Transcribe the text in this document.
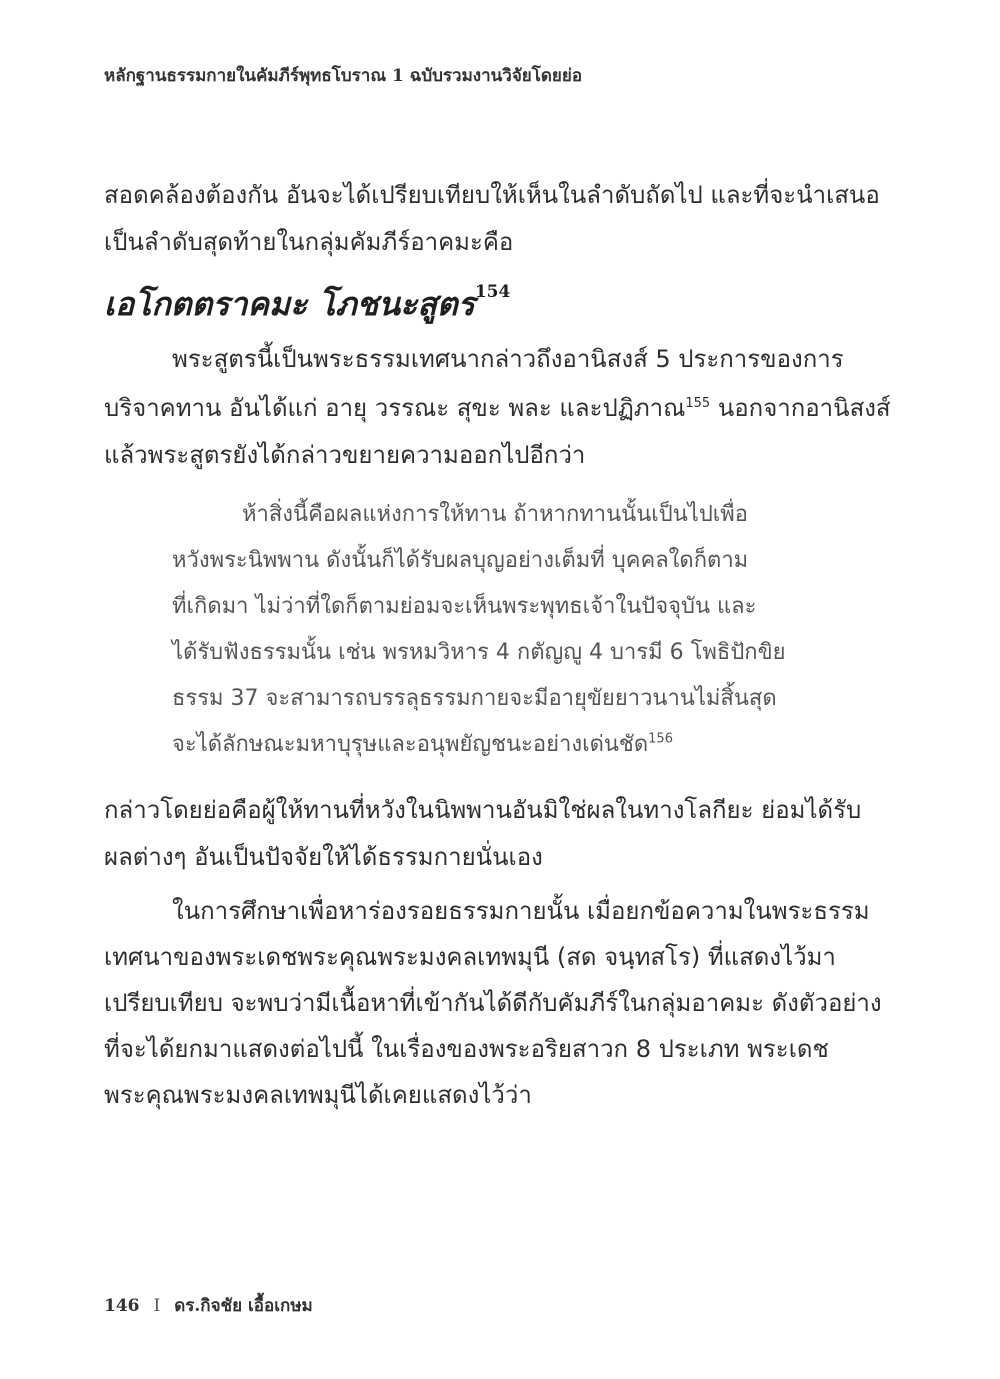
หลักฐานธรรมกายในคัมภีร์พุทธโบราณ 1 ฉบับรวมงานวิจัยโดยย่อ
สอดคล้องต้องกัน อันจะได้เปรียบเทียบให้เห็นในลำดับถัดไป และที่จะนำเสนอ
เป็นลำดับสุดท้ายในกลุ่มคัมภีร์อาคมะคือ
เอโกตตราคมะ โภชนะสูตร$^{154}$
พระสูตรนี้เป็นพระธรรมเทศนากล่าวถึงอานิสงส์ 5 ประการของการ
บริจาคทาน อันได้แก่ อายุ วรรณะ สุขะ พละ และปฏิภาณ$^{155}$ นอกจากอานิสงส์
แล้วพระสูตรยังได้กล่าวขยายความออกไปอีกว่า
ห้าสิ่งนี้คือผลแห่งการให้ทาน ถ้าหากทานนั้นเป็นไปเพื่อ
หวังพระนิพพาน ดังนั้นก็ได้รับผลบุญอย่างเต็มที่ บุคคลใดก็ตาม
ที่เกิดมา ไม่ว่าที่ใดก็ตามย่อมจะเห็นพระพุทธเจ้าในปัจจุบัน และ
ได้รับฟังธรรมนั้น เช่น พรหมวิหาร 4 กตัญญู 4 บารมี 6 โพธิปักขิย
ธรรม 37 จะสามารถบรรลุธรรมกายจะมีอายุขัยยาวนานไม่สิ้นสุด
จะได้ลักษณะมหาบุรุษและอนุพยัญชนะอย่างเด่นชัด$^{156}$
กล่าวโดยย่อคือผู้ให้ทานที่หวังในนิพพานอันมิใช่ผลในทางโลกียะ ย่อมได้รับ
ผลต่างๆ อันเป็นปัจจัยให้ได้ธรรมกายนั่นเอง
ในการศึกษาเพื่อหาร่องรอยธรรมกายนั้น เมื่อยกข้อความในพระธรรม
เทศนาของพระเดชพระคุณพระมงคลเทพมุนี (สด จนฺทสโร) ที่แสดงไว้มา
เปรียบเทียบ จะพบว่ามีเนื้อหาที่เข้ากันได้ดีกับคัมภีร์ในกลุ่มอาคมะ ดังตัวอย่าง
ที่จะได้ยกมาแสดงต่อไปนี้ ในเรื่องของพระอริยสาวก 8 ประเภท พระเดช
พระคุณพระมงคลเทพมุนีได้เคยแสดงไว้ว่า
146 I ดร.กิจชัย เอื้อเกษม
